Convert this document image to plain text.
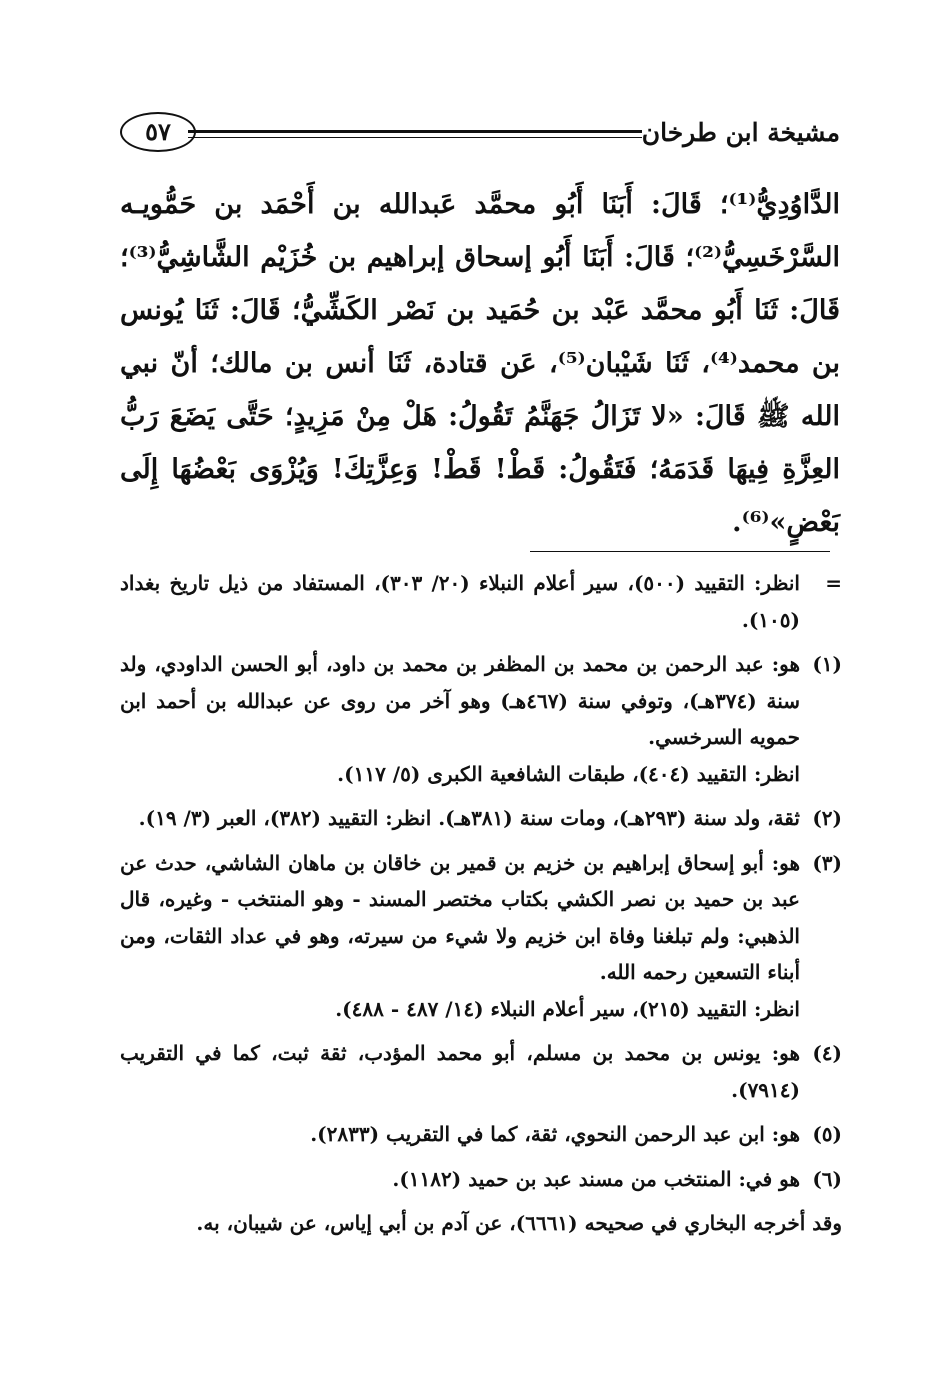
٥٧	مشيخة ابن طرخان

الدَّاوُدِيُّ⁽¹⁾؛ قَالَ: أَبَنَا أَبُو محمَّد عَبدالله بن أَحْمَد بن حَمُّويـه السَّرْخَسِيُّ⁽²⁾؛ قَالَ: أَبَنَا أَبُو إسحاق إبراهيم بن خُزَيْم الشَّاشِيُّ⁽³⁾؛ قَالَ: ثَنَا أَبُو محمَّد عَبْد بن حُمَيد بن نَصْر الكَشِّيُّ؛ قَالَ: ثَنَا يُونس بن محمد⁽⁴⁾، ثَنَا شَيْبان⁽⁵⁾، عَن قتادة، ثَنَا أنس بن مالك؛ أنّ نبي الله ﷺ قَالَ: «لا تَزَالُ جَهَنَّمُ تَقُولُ: هَلْ مِنْ مَزِيدٍ؛ حَتَّى يَضَعَ رَبُّ العِزَّةِ فِيهَا قَدَمَهُ؛ فَتَقُولُ: قَطْ! قَطْ! وَعِزَّتِكَ! وَيُزْوَى بَعْضُهَا إِلَى بَعْضٍ»⁽⁶⁾.

=
انظر: التقييد (٥٠٠)، سير أعلام النبلاء (٢٠/ ٣٠٣)، المستفاد من ذيل تاريخ بغداد (١٠٥).
(١)
هو: عبد الرحمن بن محمد بن المظفر بن محمد بن داود، أبو الحسن الداودي، ولد سنة (٣٧٤هـ)، وتوفي سنة (٤٦٧هـ) وهو آخر من روى عن عبدالله بن أحمد ابن حمويه السرخسي.
انظر: التقييد (٤٠٤)، طبقات الشافعية الكبرى (٥/ ١١٧).
(٢)
ثقة، ولد سنة (٢٩٣هـ)، ومات سنة (٣٨١هـ). انظر: التقييد (٣٨٢)، العبر (٣/ ١٩).
(٣)
هو: أبو إسحاق إبراهيم بن خزيم بن قمير بن خاقان بن ماهان الشاشي، حدث عن عبد بن حميد بن نصر الكشي بكتاب مختصر المسند - وهو المنتخب - وغيره، قال الذهبي: ولم تبلغنا وفاة ابن خزيم ولا شيء من سيرته، وهو في عداد الثقات، ومن أبناء التسعين رحمه الله.
انظر: التقييد (٢١٥)، سير أعلام النبلاء (١٤/ ٤٨٧ - ٤٨٨).
(٤)
هو: يونس بن محمد بن مسلم، أبو محمد المؤدب، ثقة ثبت، كما في التقريب (٧٩١٤).
(٥)
هو: ابن عبد الرحمن النحوي، ثقة، كما في التقريب (٢٨٣٣).
(٦)
هو في: المنتخب من مسند عبد بن حميد (١١٨٢).
وقد أخرجه البخاري في صحيحه (٦٦٦١)، عن آدم بن أبي إياس، عن شيبان، به.
